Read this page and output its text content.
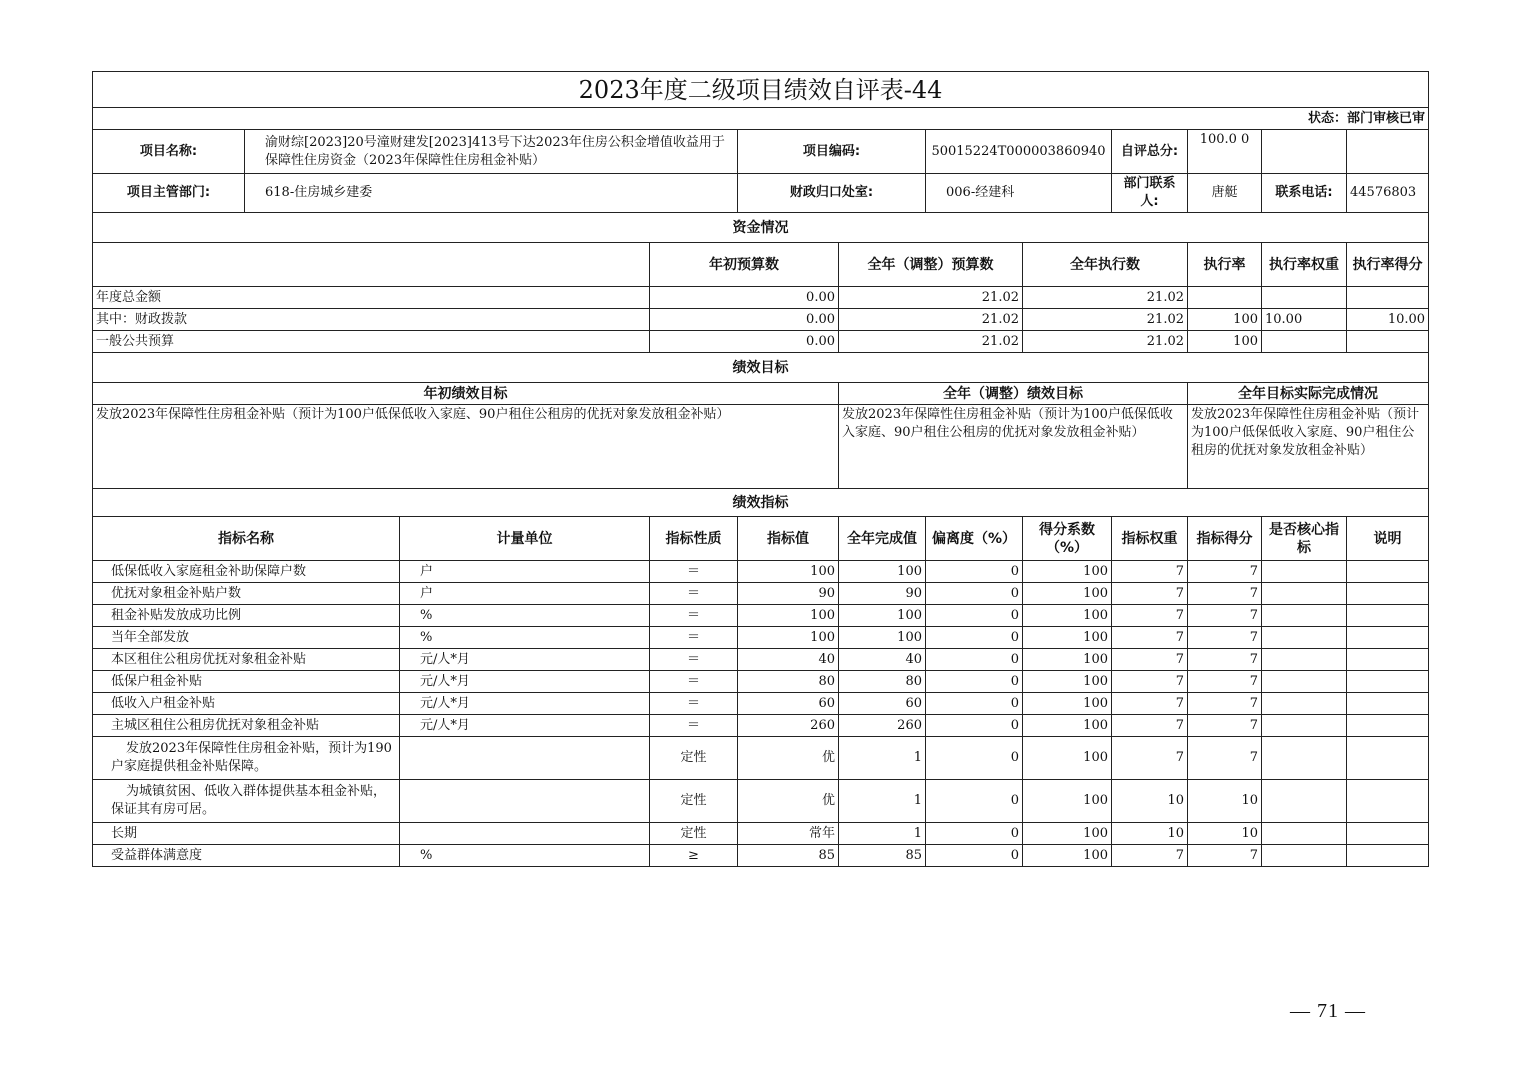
2023年度二级项目绩效自评表-44											
状态：部门审核已审											
项目名称:	渝财综[2023]20号潼财建发[2023]413号下达2023年住房公积金增值收益用于保障性住房资金（2023年保障性住房租金补贴）			项目编码:		50015224T000003860940		自评总分:	100.0 0		
项目主管部门:	618-住房城乡建委			财政归口处室:		006-经建科		部门联系人:	唐艇	联系电话:	44576803
资金情况											
			年初预算数		全年（调整）预算数		全年执行数		执行率	执行率权重	执行率得分
年度总金额			0.00		21.02		21.02				
其中：财政拨款			0.00		21.02		21.02		100	10.00	10.00
一般公共预算			0.00		21.02		21.02		100		
绩效目标											
年初绩效目标					全年（调整）绩效目标				全年目标实际完成情况		
发放2023年保障性住房租金补贴（预计为100户低保低收入家庭、90户租住公租房的优抚对象发放租金补贴）					发放2023年保障性住房租金补贴（预计为100户低保低收入家庭、90户租住公租房的优抚对象发放租金补贴）				发放2023年保障性住房租金补贴（预计为100户低保低收入家庭、90户租住公租房的优抚对象发放租金补贴）		
绩效指标											
指标名称		计量单位	指标性质	指标值	全年完成值	偏离度（%）	得分系数（%）	指标权重	指标得分	是否核心指标	说明
低保低收入家庭租金补助保障户数		户	＝	100	100	0	100	7	7		
优抚对象租金补贴户数		户	＝	90	90	0	100	7	7		
租金补贴发放成功比例		%	＝	100	100	0	100	7	7		
当年全部发放		%	＝	100	100	0	100	7	7		
本区租住公租房优抚对象租金补贴		元/人*月	＝	40	40	0	100	7	7		
低保户租金补贴		元/人*月	＝	80	80	0	100	7	7		
低收入户租金补贴		元/人*月	＝	60	60	0	100	7	7		
主城区租住公租房优抚对象租金补贴		元/人*月	＝	260	260	0	100	7	7		
发放2023年保障性住房租金补贴，预计为190户家庭提供租金补贴保障。			定性	优	1	0	100	7	7		
为城镇贫困、低收入群体提供基本租金补贴，保证其有房可居。			定性	优	1	0	100	10	10		
长期			定性	常年	1	0	100	10	10		
受益群体满意度		%	≥	85	85	0	100	7	7		
— 71 —
